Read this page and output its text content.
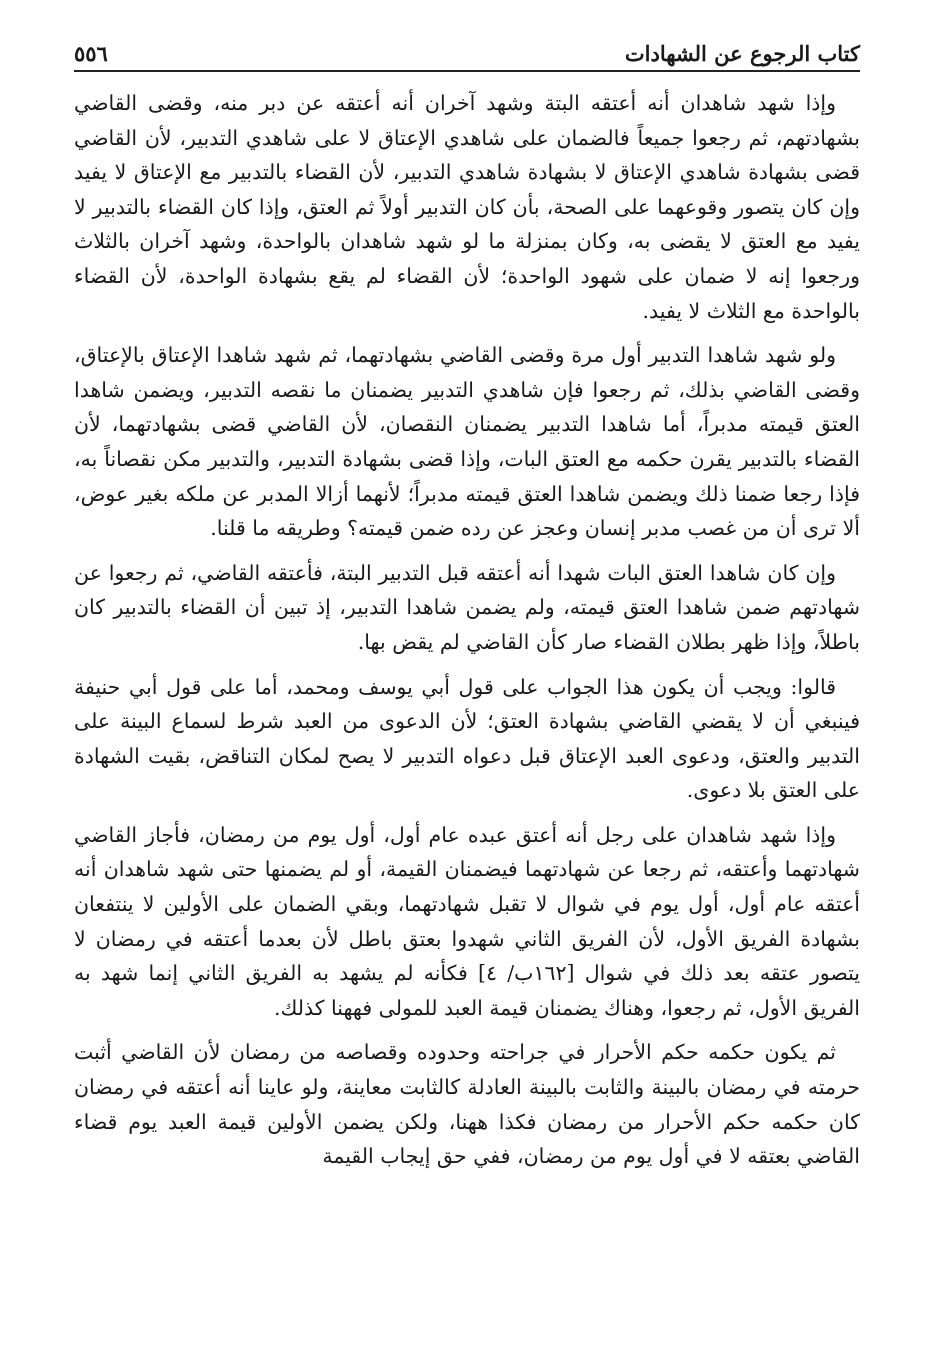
كتاب الرجوع عن الشهادات
٥٥٦

وإذا شهد شاهدان أنه أعتقه البتة وشهد آخران أنه أعتقه عن دبر منه، وقضى القاضي بشهادتهم، ثم رجعوا جميعاً فالضمان على شاهدي الإعتاق لا على شاهدي التدبير، لأن القاضي قضى بشهادة شاهدي الإعتاق لا بشهادة شاهدي التدبير، لأن القضاء بالتدبير مع الإعتاق لا يفيد وإن كان يتصور وقوعهما على الصحة، بأن كان التدبير أولاً ثم العتق، وإذا كان القضاء بالتدبير لا يفيد مع العتق لا يقضى به، وكان بمنزلة ما لو شهد شاهدان بالواحدة، وشهد آخران بالثلاث ورجعوا إنه لا ضمان على شهود الواحدة؛ لأن القضاء لم يقع بشهادة الواحدة، لأن القضاء بالواحدة مع الثلاث لا يفيد.

ولو شهد شاهدا التدبير أول مرة وقضى القاضي بشهادتهما، ثم شهد شاهدا الإعتاق بالإعتاق، وقضى القاضي بذلك، ثم رجعوا فإن شاهدي التدبير يضمنان ما نقصه التدبير، ويضمن شاهدا العتق قيمته مدبراً، أما شاهدا التدبير يضمنان النقصان، لأن القاضي قضى بشهادتهما، لأن القضاء بالتدبير يقرن حكمه مع العتق البات، وإذا قضى بشهادة التدبير، والتدبير مكن نقصاناً به، فإذا رجعا ضمنا ذلك ويضمن شاهدا العتق قيمته مدبراً؛ لأنهما أزالا المدبر عن ملكه بغير عوض، ألا ترى أن من غصب مدبر إنسان وعجز عن رده ضمن قيمته؟ وطريقه ما قلنا.

وإن كان شاهدا العتق البات شهدا أنه أعتقه قبل التدبير البتة، فأعتقه القاضي، ثم رجعوا عن شهادتهم ضمن شاهدا العتق قيمته، ولم يضمن شاهدا التدبير، إذ تبين أن القضاء بالتدبير كان باطلاً، وإذا ظهر بطلان القضاء صار كأن القاضي لم يقض بها.

قالوا: ويجب أن يكون هذا الجواب على قول أبي يوسف ومحمد، أما على قول أبي حنيفة فينبغي أن لا يقضي القاضي بشهادة العتق؛ لأن الدعوى من العبد شرط لسماع البينة على التدبير والعتق، ودعوى العبد الإعتاق قبل دعواه التدبير لا يصح لمكان التناقض، بقيت الشهادة على العتق بلا دعوى.

وإذا شهد شاهدان على رجل أنه أعتق عبده عام أول، أول يوم من رمضان، فأجاز القاضي شهادتهما وأعتقه، ثم رجعا عن شهادتهما فيضمنان القيمة، أو لم يضمنها حتى شهد شاهدان أنه أعتقه عام أول، أول يوم في شوال لا تقبل شهادتهما، وبقي الضمان على الأولين لا ينتفعان بشهادة الفريق الأول، لأن الفريق الثاني شهدوا بعتق باطل لأن بعدما أعتقه في رمضان لا يتصور عتقه بعد ذلك في شوال [١٦٢ب/ ٤] فكأنه لم يشهد به الفريق الثاني إنما شهد به الفريق الأول، ثم رجعوا، وهناك يضمنان قيمة العبد للمولى فههنا كذلك.

ثم يكون حكمه حكم الأحرار في جراحته وحدوده وقصاصه من رمضان لأن القاضي أثبت حرمته في رمضان بالبينة والثابت بالبينة العادلة كالثابت معاينة، ولو عاينا أنه أعتقه في رمضان كان حكمه حكم الأحرار من رمضان فكذا ههنا، ولكن يضمن الأولين قيمة العبد يوم قضاء القاضي بعتقه لا في أول يوم من رمضان، ففي حق إيجاب القيمة
